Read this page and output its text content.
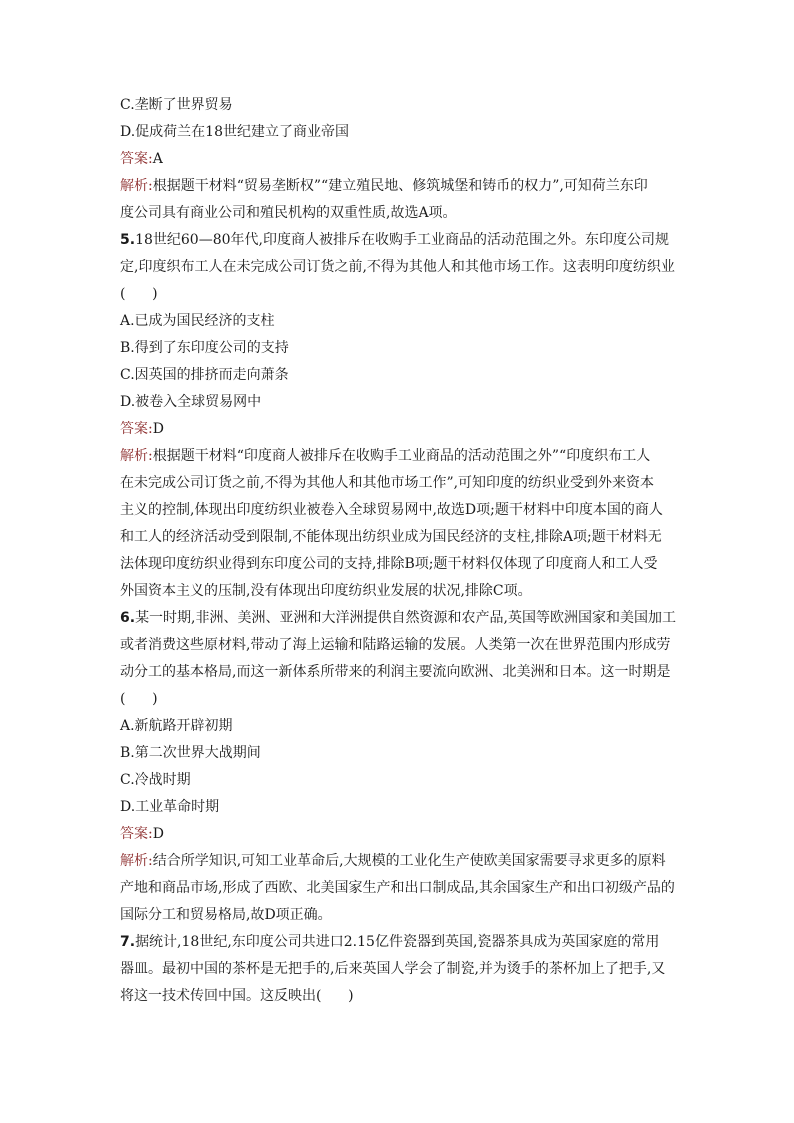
C.垄断了世界贸易

D.促成荷兰在18世纪建立了商业帝国

答案:A

解析:根据题干材料“贸易垄断权”“建立殖民地、修筑城堡和铸币的权力”,可知荷兰东印

度公司具有商业公司和殖民机构的双重性质,故选A项。

5.18世纪60—80年代,印度商人被排斥在收购手工业商品的活动范围之外。东印度公司规

定,印度织布工人在未完成公司订货之前,不得为其他人和其他市场工作。这表明印度纺织业

(      )

A.已成为国民经济的支柱

B.得到了东印度公司的支持

C.因英国的排挤而走向萧条

D.被卷入全球贸易网中

答案:D

解析:根据题干材料“印度商人被排斥在收购手工业商品的活动范围之外”“印度织布工人

在未完成公司订货之前,不得为其他人和其他市场工作”,可知印度的纺织业受到外来资本

主义的控制,体现出印度纺织业被卷入全球贸易网中,故选D项;题干材料中印度本国的商人

和工人的经济活动受到限制,不能体现出纺织业成为国民经济的支柱,排除A项;题干材料无

法体现印度纺织业得到东印度公司的支持,排除B项;题干材料仅体现了印度商人和工人受

外国资本主义的压制,没有体现出印度纺织业发展的状况,排除C项。

6.某一时期,非洲、美洲、亚洲和大洋洲提供自然资源和农产品,英国等欧洲国家和美国加工

或者消费这些原材料,带动了海上运输和陆路运输的发展。人类第一次在世界范围内形成劳

动分工的基本格局,而这一新体系所带来的利润主要流向欧洲、北美洲和日本。这一时期是

(      )

A.新航路开辟初期

B.第二次世界大战期间

C.冷战时期

D.工业革命时期

答案:D

解析:结合所学知识,可知工业革命后,大规模的工业化生产使欧美国家需要寻求更多的原料

产地和商品市场,形成了西欧、北美国家生产和出口制成品,其余国家生产和出口初级产品的

国际分工和贸易格局,故D项正确。

7.据统计,18世纪,东印度公司共进口2.15亿件瓷器到英国,瓷器茶具成为英国家庭的常用

器皿。最初中国的茶杯是无把手的,后来英国人学会了制瓷,并为烫手的茶杯加上了把手,又

将这一技术传回中国。这反映出(      )
